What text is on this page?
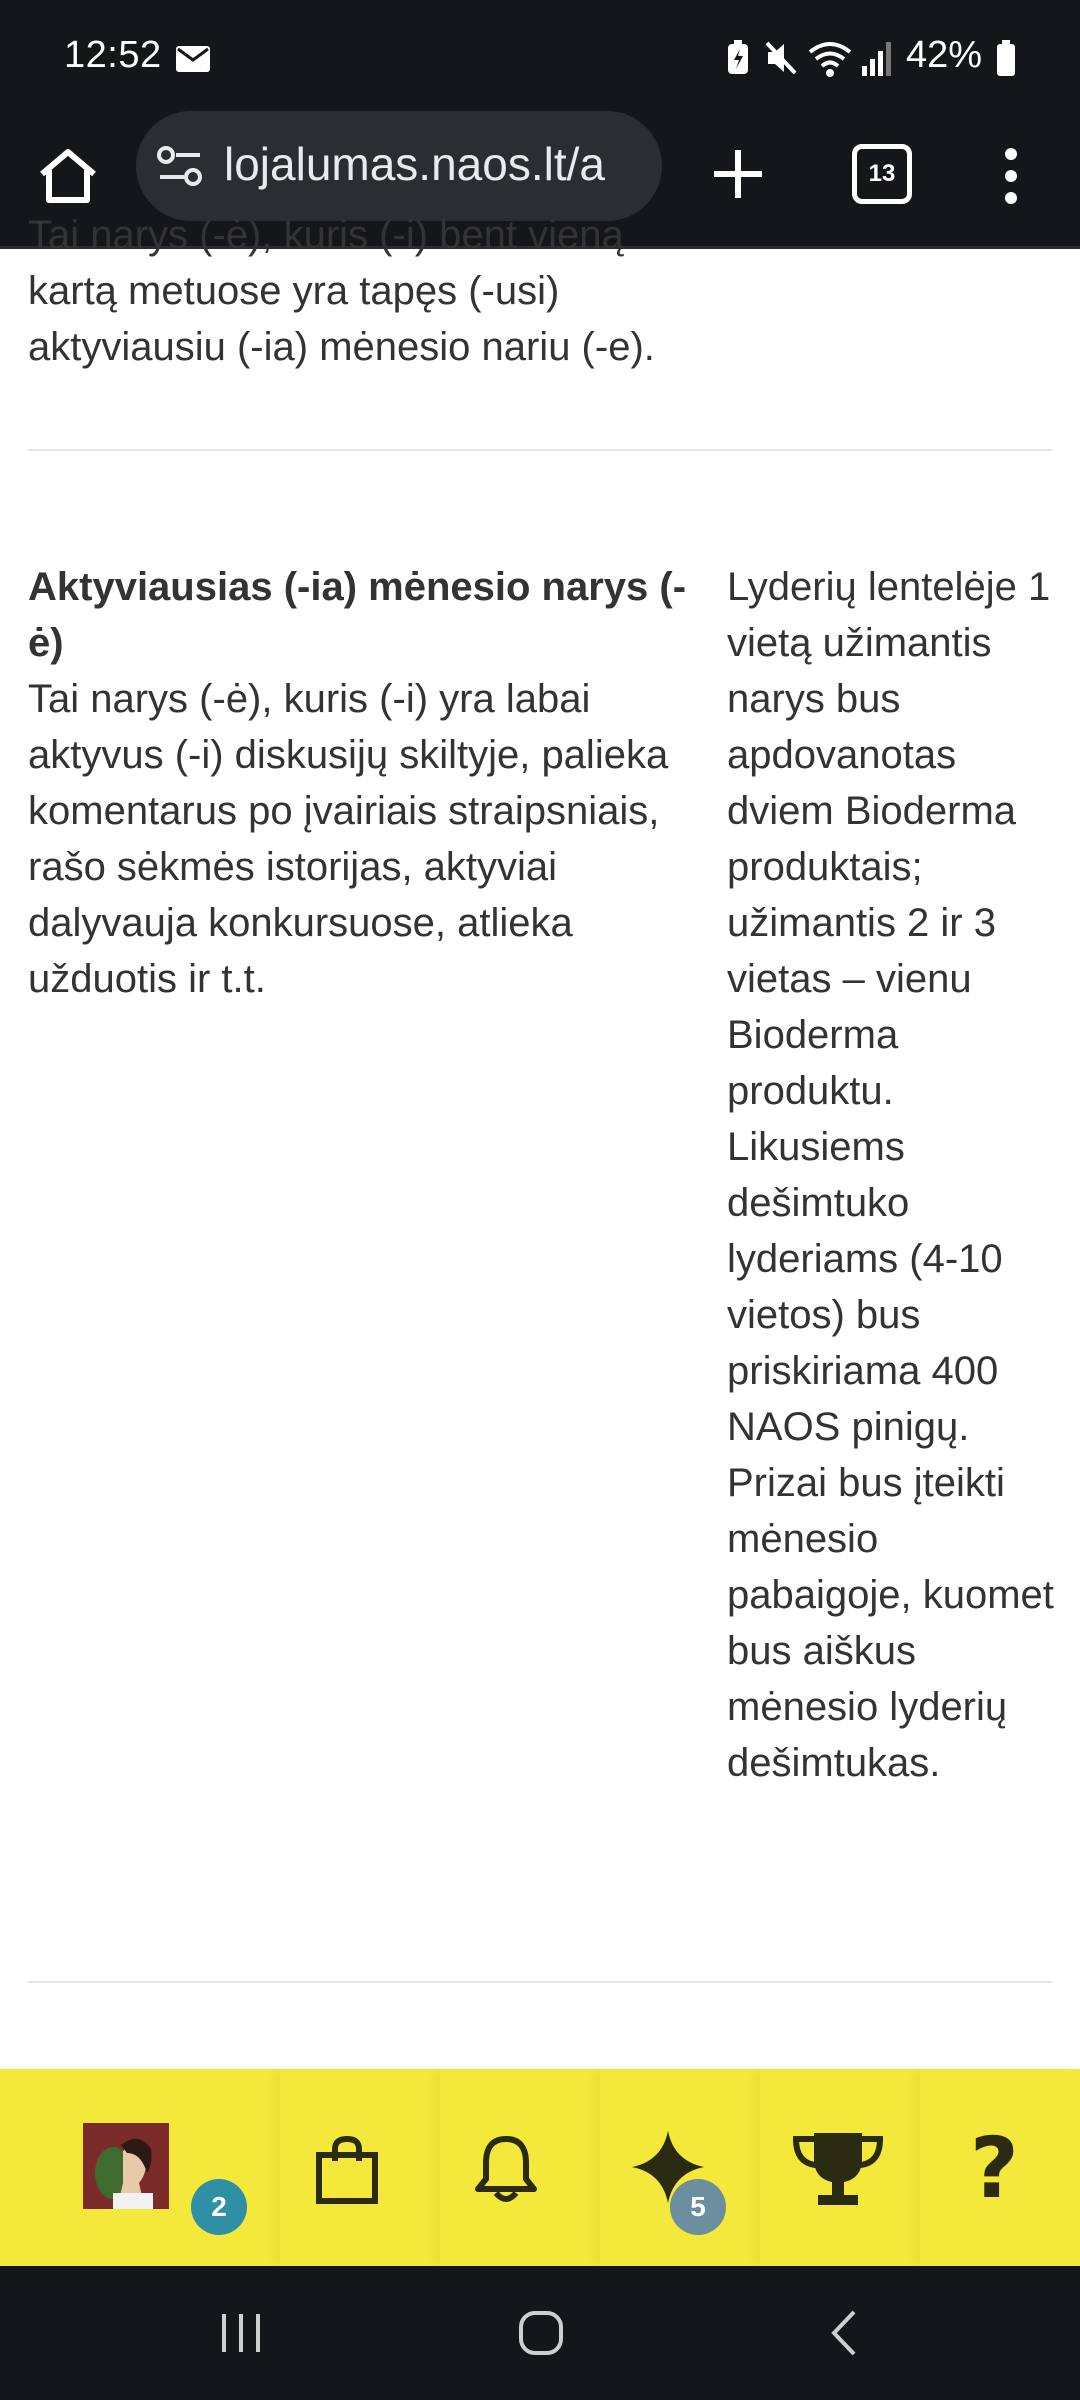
12:52	42%
lojalumas.naos.lt/a	13
Tai narys (-ė), kuris (-i) bent vieną
kartą metuose yra tapęs (-usi) aktyviausiu (-ia) mėnesio nariu (-e).
Aktyviausias (-ia) mėnesio narys (-ė)
Tai narys (-ė), kuris (-i) yra labai aktyvus (-i) diskusijų skiltyje, palieka komentarus po įvairiais straipsniais, rašo sėkmės istorijas, aktyviai dalyvauja konkursuose, atlieka užduotis ir t.t.
Lyderių lentelėje 1 vietą užimantis narys bus apdovanotas dviem Bioderma produktais; užimantis 2 ir 3 vietas – vienu Bioderma produktu. Likusiems dešimtuko lyderiams (4-10 vietos) bus priskiriama 400 NAOS pinigų. Prizai bus įteikti mėnesio pabaigoje, kuomet bus aiškus mėnesio lyderių dešimtukas.
2	5	?
